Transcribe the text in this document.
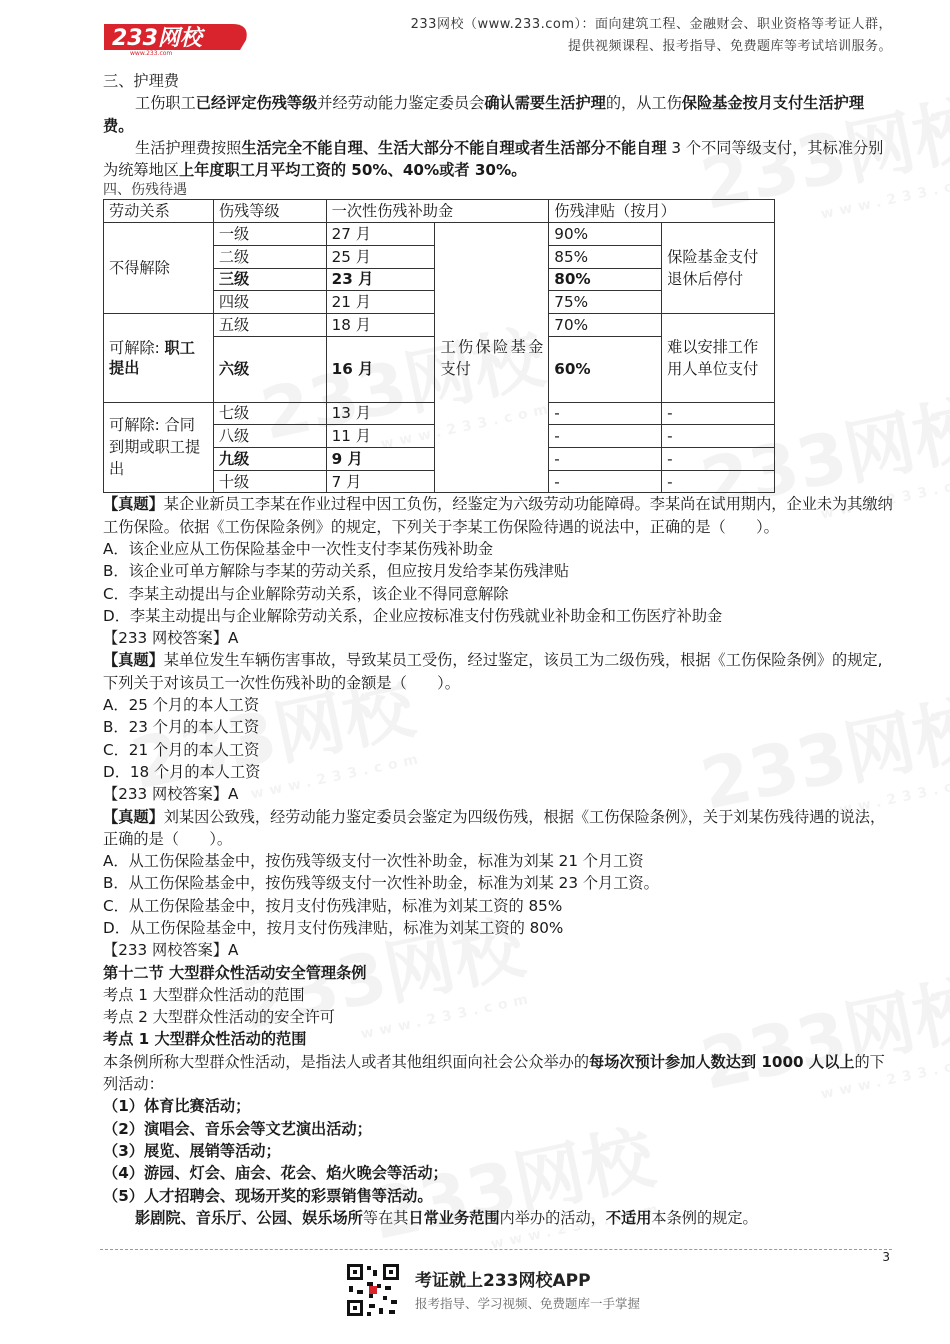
233网校
www.233.com
233网校（www.233.com）：面向建筑工程、金融财会、职业资格等考证人群，
提供视频课程、报考指导、免费题库等考试培训服务。

三、护理费

工伤职工已经评定伤残等级并经劳动能力鉴定委员会确认需要生活护理的，从工伤保险基金按月支付生活护理费。

生活护理费按照生活完全不能自理、生活大部分不能自理或者生活部分不能自理 3 个不同等级支付，其标准分别为统筹地区上年度职工月平均工资的 50%、40%或者 30%。

四、伤残待遇

劳动关系	伤残等级	一次性伤残补助金		伤残津贴（按月）	
不得解除	一级	27 月	工伤保险基金支付	90%	保险基金支付
退休后停付

	二级	25 月		85%	
	三级	23 月		80%	
	四级	21 月		75%	
可解除: 职工提出	五级	18 月		70%	难以安排工作
用人单位支付

	六级	16 月		60%	
可解除: 合同到期或职工提出	七级	13 月		-	-
	八级	11 月		-	-
	九级	9 月		-	-
	十级	7 月		-	-

【真题】某企业新员工李某在作业过程中因工负伤，经鉴定为六级劳动功能障碍。李某尚在试用期内，企业未为其缴纳工伤保险。依据《工伤保险条例》的规定，下列关于李某工伤保险待遇的说法中，正确的是（　　）。

A．该企业应从工伤保险基金中一次性支付李某伤残补助金

B．该企业可单方解除与李某的劳动关系，但应按月发给李某伤残津贴

C．李某主动提出与企业解除劳动关系，该企业不得同意解除

D．李某主动提出与企业解除劳动关系，企业应按标准支付伤残就业补助金和工伤医疗补助金

【233 网校答案】A

【真题】某单位发生车辆伤害事故，导致某员工受伤，经过鉴定，该员工为二级伤残，根据《工伤保险条例》的规定,下列关于对该员工一次性伤残补助的金额是（　　）。

A．25 个月的本人工资

B．23 个月的本人工资

C．21 个月的本人工资

D．18 个月的本人工资

【233 网校答案】A

【真题】刘某因公致残，经劳动能力鉴定委员会鉴定为四级伤残，根据《工伤保险条例》，关于刘某伤残待遇的说法，正确的是（　　）。

A．从工伤保险基金中，按伤残等级支付一次性补助金，标准为刘某 21 个月工资

B．从工伤保险基金中，按伤残等级支付一次性补助金，标准为刘某 23 个月工资。

C．从工伤保险基金中，按月支付伤残津贴，标准为刘某工资的 85%

D．从工伤保险基金中，按月支付伤残津贴，标准为刘某工资的 80%

【233 网校答案】A

第十二节 大型群众性活动安全管理条例

考点 1 大型群众性活动的范围

考点 2 大型群众性活动的安全许可

考点 1 大型群众性活动的范围

本条例所称大型群众性活动，是指法人或者其他组织面向社会公众举办的每场次预计参加人数达到 1000 人以上的下列活动：

（1）体育比赛活动；

（2）演唱会、音乐会等文艺演出活动；

（3）展览、展销等活动；

（4）游园、灯会、庙会、花会、焰火晚会等活动；

（5）人才招聘会、现场开奖的彩票销售等活动。

影剧院、音乐厅、公园、娱乐场所等在其日常业务范围内举办的活动，不适用本条例的规定。

3
考证就上233网校APP
报考指导、学习视频、免费题库一手掌握
